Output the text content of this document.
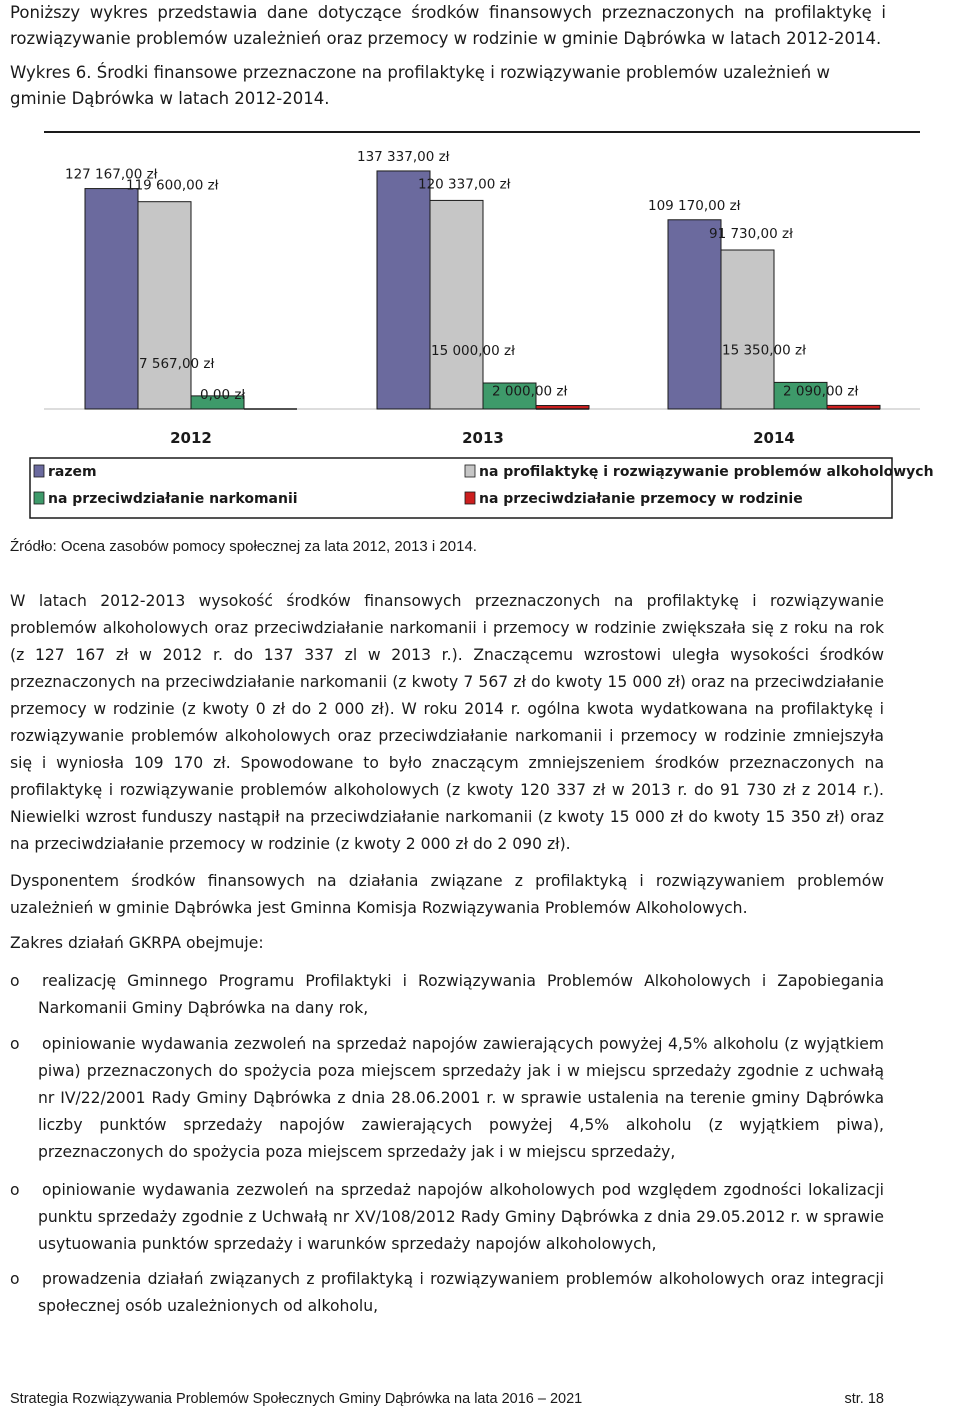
Poniższy wykres przedstawia dane dotyczące środków finansowych przeznaczonych na profilaktykę i rozwiązywanie problemów uzależnień oraz przemocy w rodzinie w gminie Dąbrówka w latach 2012-2014.
Wykres 6. Środki finansowe przeznaczone na profilaktykę i rozwiązywanie problemów uzależnień w gminie Dąbrówka w latach 2012-2014.
127 167,00 zł
119 600,00 zł
7 567,00 zł
0,00 zł
137 337,00 zł
120 337,00 zł
15 000,00 zł
2 000,00 zł
109 170,00 zł
91 730,00 zł
15 350,00 zł
2 090,00 zł
2012	2013	2014
razem	na profilaktykę i rozwiązywanie problemów alkoholowych
na przeciwdziałanie narkomanii	na przeciwdziałanie przemocy w rodzinie
Źródło: Ocena zasobów pomocy społecznej za lata 2012, 2013 i 2014.

W latach 2012-2013 wysokość środków finansowych przeznaczonych na profilaktykę i rozwiązywanie problemów alkoholowych oraz przeciwdziałanie narkomanii i przemocy w rodzinie zwiększała się z roku na rok (z 127 167 zł w 2012 r. do 137 337 zl w 2013 r.). Znaczącemu wzrostowi uległa wysokości środków przeznaczonych na przeciwdziałanie narkomanii (z kwoty 7 567 zł do kwoty 15 000 zł) oraz na przeciwdziałanie przemocy w rodzinie (z kwoty 0 zł do 2 000 zł). W roku 2014 r. ogólna kwota wydatkowana na profilaktykę i rozwiązywanie problemów alkoholowych oraz przeciwdziałanie narkomanii i przemocy w rodzinie zmniejszyła się i wyniosła 109 170 zł. Spowodowane to było znaczącym zmniejszeniem środków przeznaczonych na profilaktykę i rozwiązywanie problemów alkoholowych (z kwoty 120 337 zł w 2013 r. do 91 730 zł z 2014 r.). Niewielki wzrost funduszy nastąpił na przeciwdziałanie narkomanii (z kwoty 15 000 zł do kwoty 15 350 zł) oraz na przeciwdziałanie przemocy w rodzinie (z kwoty 2 000 zł do 2 090 zł).

Dysponentem środków finansowych na działania związane z profilaktyką i rozwiązywaniem problemów uzależnień w gminie Dąbrówka jest Gminna Komisja Rozwiązywania Problemów Alkoholowych.

Zakres działań GKRPA obejmuje:

o realizację Gminnego Programu Profilaktyki i Rozwiązywania Problemów Alkoholowych i Zapobiegania Narkomanii Gminy Dąbrówka na dany rok,
o opiniowanie wydawania zezwoleń na sprzedaż napojów zawierających powyżej 4,5% alkoholu (z wyjątkiem piwa) przeznaczonych do spożycia poza miejscem sprzedaży jak i w miejscu sprzedaży zgodnie z uchwałą nr IV/22/2001 Rady Gminy Dąbrówka z dnia 28.06.2001 r. w sprawie ustalenia na terenie gminy Dąbrówka liczby punktów sprzedaży napojów zawierających powyżej 4,5% alkoholu (z wyjątkiem piwa), przeznaczonych do spożycia poza miejscem sprzedaży jak i w miejscu sprzedaży,
o opiniowanie wydawania zezwoleń na sprzedaż napojów alkoholowych pod względem zgodności lokalizacji punktu sprzedaży zgodnie z Uchwałą nr XV/108/2012 Rady Gminy Dąbrówka z dnia 29.05.2012 r. w sprawie usytuowania punktów sprzedaży i warunków sprzedaży napojów alkoholowych,
o prowadzenia działań związanych z profilaktyką i rozwiązywaniem problemów alkoholowych oraz integracji społecznej osób uzależnionych od alkoholu,
Strategia Rozwiązywania Problemów Społecznych Gminy Dąbrówka na lata 2016 – 2021	str. 18
